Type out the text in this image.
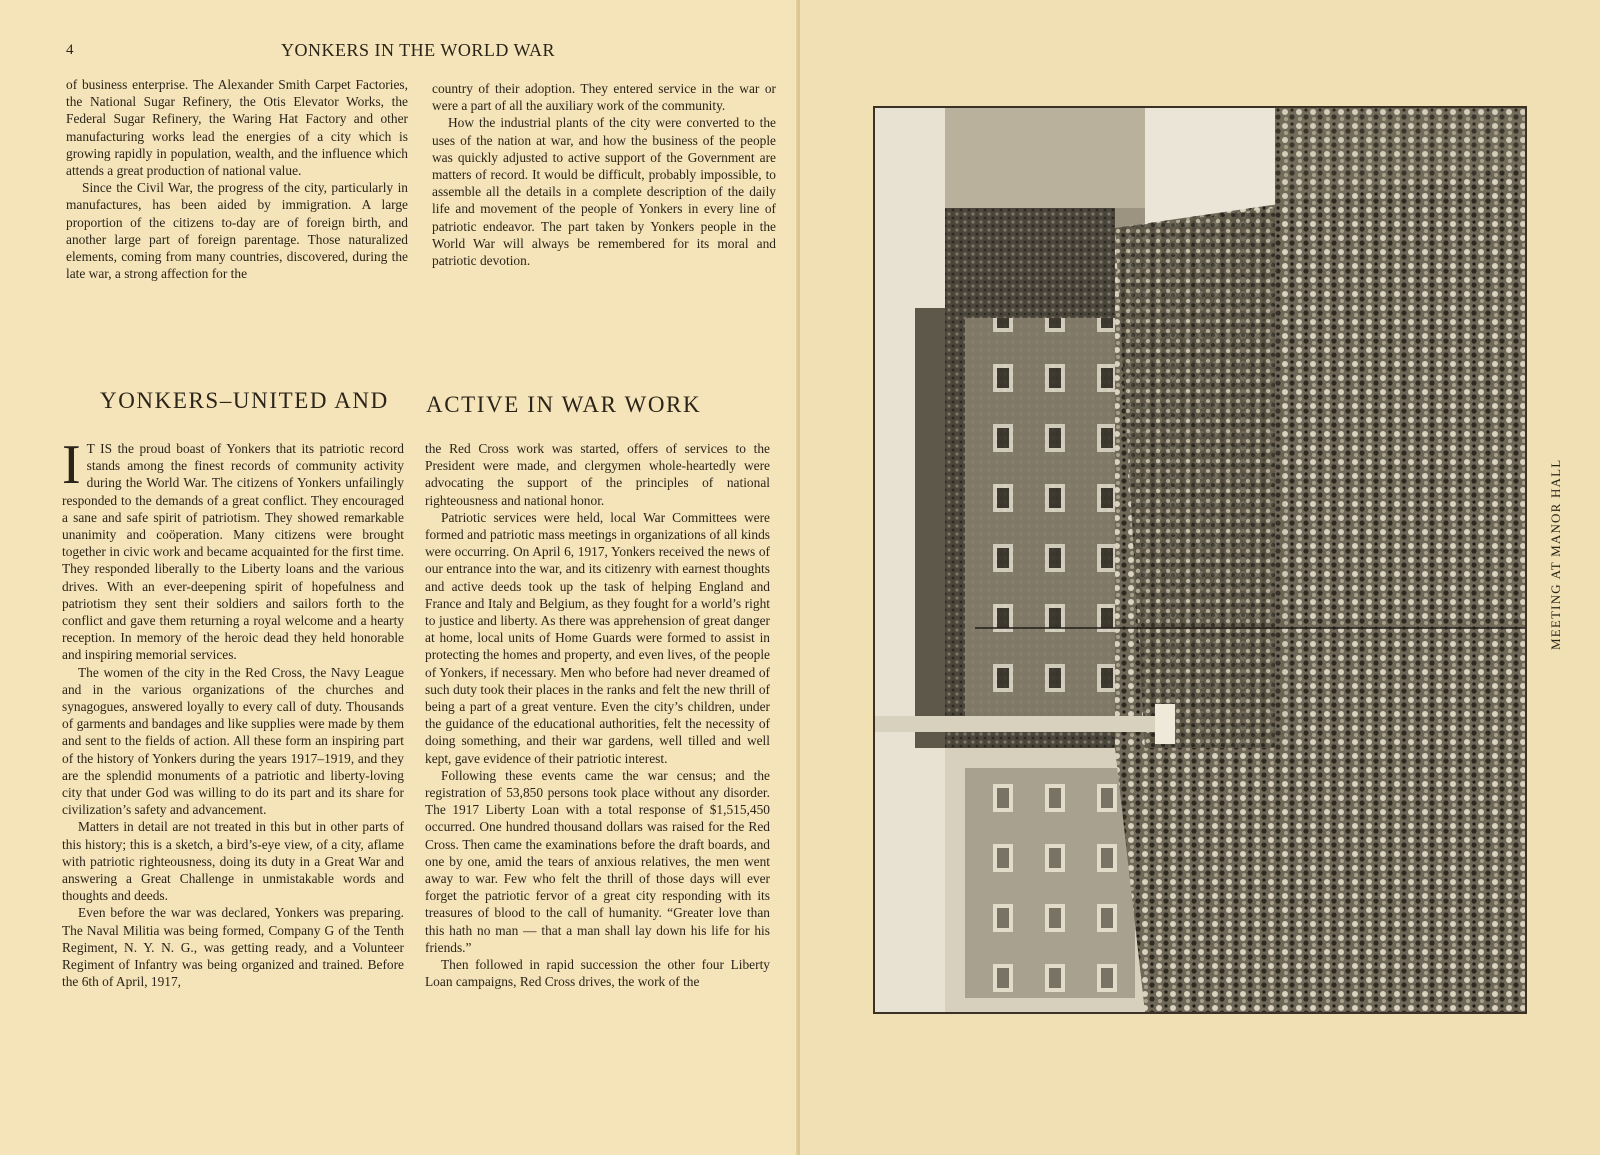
4	YONKERS IN THE WORLD WAR

of business enterprise. The Alexander Smith Carpet Factories, the National Sugar Refinery, the Otis Elevator Works, the Federal Sugar Refinery, the Waring Hat Factory and other manufacturing works lead the energies of a city which is growing rapidly in population, wealth, and the influence which attends a great production of national value.

Since the Civil War, the progress of the city, particularly in manufactures, has been aided by immigration. A large proportion of the citizens to-day are of foreign birth, and another large part of foreign parentage. Those naturalized elements, coming from many countries, discovered, during the late war, a strong affection for the

country of their adoption. They entered service in the war or were a part of all the auxiliary work of the community.

How the industrial plants of the city were converted to the uses of the nation at war, and how the business of the people was quickly adjusted to active support of the Government are matters of record. It would be difficult, probably impossible, to assemble all the details in a complete description of the daily life and movement of the people of Yonkers in every line of patriotic endeavor. The part taken by Yonkers people in the World War will always be remembered for its moral and patriotic devotion.

YONKERS–UNITED AND ACTIVE IN WAR WORK

I T IS the proud boast of Yonkers that its patriotic record stands among the finest records of community activity during the World War. The citizens of Yonkers unfailingly responded to the demands of a great conflict. They encouraged a sane and safe spirit of patriotism. They showed remarkable unanimity and coöperation. Many citizens were brought together in civic work and became acquainted for the first time. They responded liberally to the Liberty loans and the various drives. With an ever-deepening spirit of hopefulness and patriotism they sent their soldiers and sailors forth to the conflict and gave them returning a royal welcome and a hearty reception. In memory of the heroic dead they held honorable and inspiring memorial services.

The women of the city in the Red Cross, the Navy League and in the various organizations of the churches and synagogues, answered loyally to every call of duty. Thousands of garments and bandages and like supplies were made by them and sent to the fields of action. All these form an inspiring part of the history of Yonkers during the years 1917–1919, and they are the splendid monuments of a patriotic and liberty-loving city that under God was willing to do its part and its share for civilization’s safety and advancement.

Matters in detail are not treated in this but in other parts of this history; this is a sketch, a bird’s-eye view, of a city, aflame with patriotic righteousness, doing its duty in a Great War and answering a Great Challenge in unmistakable words and thoughts and deeds.

Even before the war was declared, Yonkers was preparing. The Naval Militia was being formed, Company G of the Tenth Regiment, N. Y. N. G., was getting ready, and a Volunteer Regiment of Infantry was being organized and trained. Before the 6th of April, 1917,

the Red Cross work was started, offers of services to the President were made, and clergymen whole-heartedly were advocating the support of the principles of national righteousness and national honor.

Patriotic services were held, local War Committees were formed and patriotic mass meetings in organizations of all kinds were occurring. On April 6, 1917, Yonkers received the news of our entrance into the war, and its citizenry with earnest thoughts and active deeds took up the task of helping England and France and Italy and Belgium, as they fought for a world’s right to justice and liberty. As there was apprehension of great danger at home, local units of Home Guards were formed to assist in protecting the homes and property, and even lives, of the people of Yonkers, if necessary. Men who before had never dreamed of such duty took their places in the ranks and felt the new thrill of being a part of a great venture. Even the city’s children, under the guidance of the educational authorities, felt the necessity of doing something, and their war gardens, well tilled and well kept, gave evidence of their patriotic interest.

Following these events came the war census; and the registration of 53,850 persons took place without any disorder. The 1917 Liberty Loan with a total response of $1,515,450 occurred. One hundred thousand dollars was raised for the Red Cross. Then came the examinations before the draft boards, and one by one, amid the tears of anxious relatives, the men went away to war. Few who felt the thrill of those days will ever forget the patriotic fervor of a great city responding with its treasures of blood to the call of humanity. “Greater love than this hath no man — that a man shall lay down his life for his friends.”

Then followed in rapid succession the other four Liberty Loan campaigns, Red Cross drives, the work of the

MEETING AT MANOR HALL
